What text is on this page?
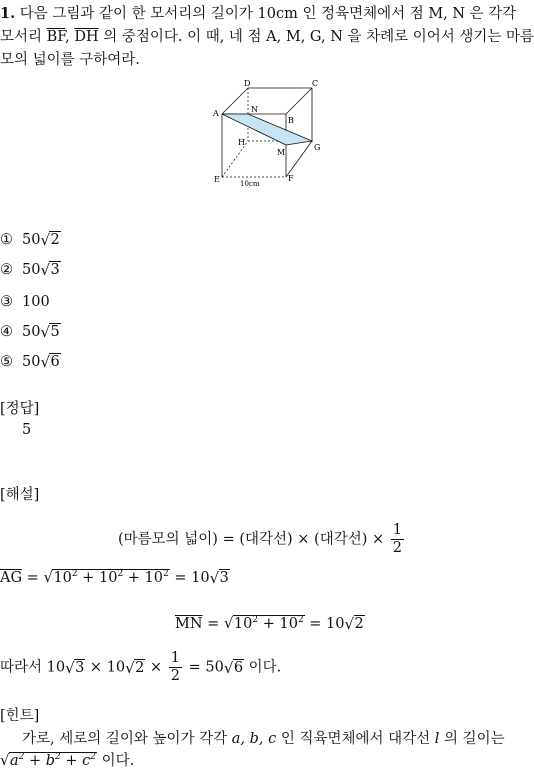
1. 다음 그림과 같이 한 모서리의 길이가 10cm 인 정육면체에서 점 M, N 은 각각 모서리 $\overline{BF}$, $\overline{DH}$ 의 중점이다. 이 때, 네 점 A, M, G, N 을 차례로 이어서 생기는 마름모의 넓이를 구하여라.
D	C
A	N
B
H
M
G
E	F
10cm
① 50 √ 2
② 50 √ 3
③ 100
④ 50 √ 5
⑤ 50 √ 6
[정답]
5
[해설]
(마름모의 넓이) = (대각선) × (대각선) × $\frac{1}{2}$
$\overline{AG}$ = √ $10^2 + 10^2 + 10^2 = 10$ √ 3
$\overline{MN}$ = √ $10^2 + 10^2 = 10$ √ 2
따라서 10 √ 3 × 10 √ $2 \times \frac{1}{2} = 50$ √ 6 이다.
[힌트]
가로, 세로의 길이와 높이가 각각 a, b, c 인 직육면체에서 대각선 l 의 길이는
√ $a^2 + b^2 + c^2$ 이다.
